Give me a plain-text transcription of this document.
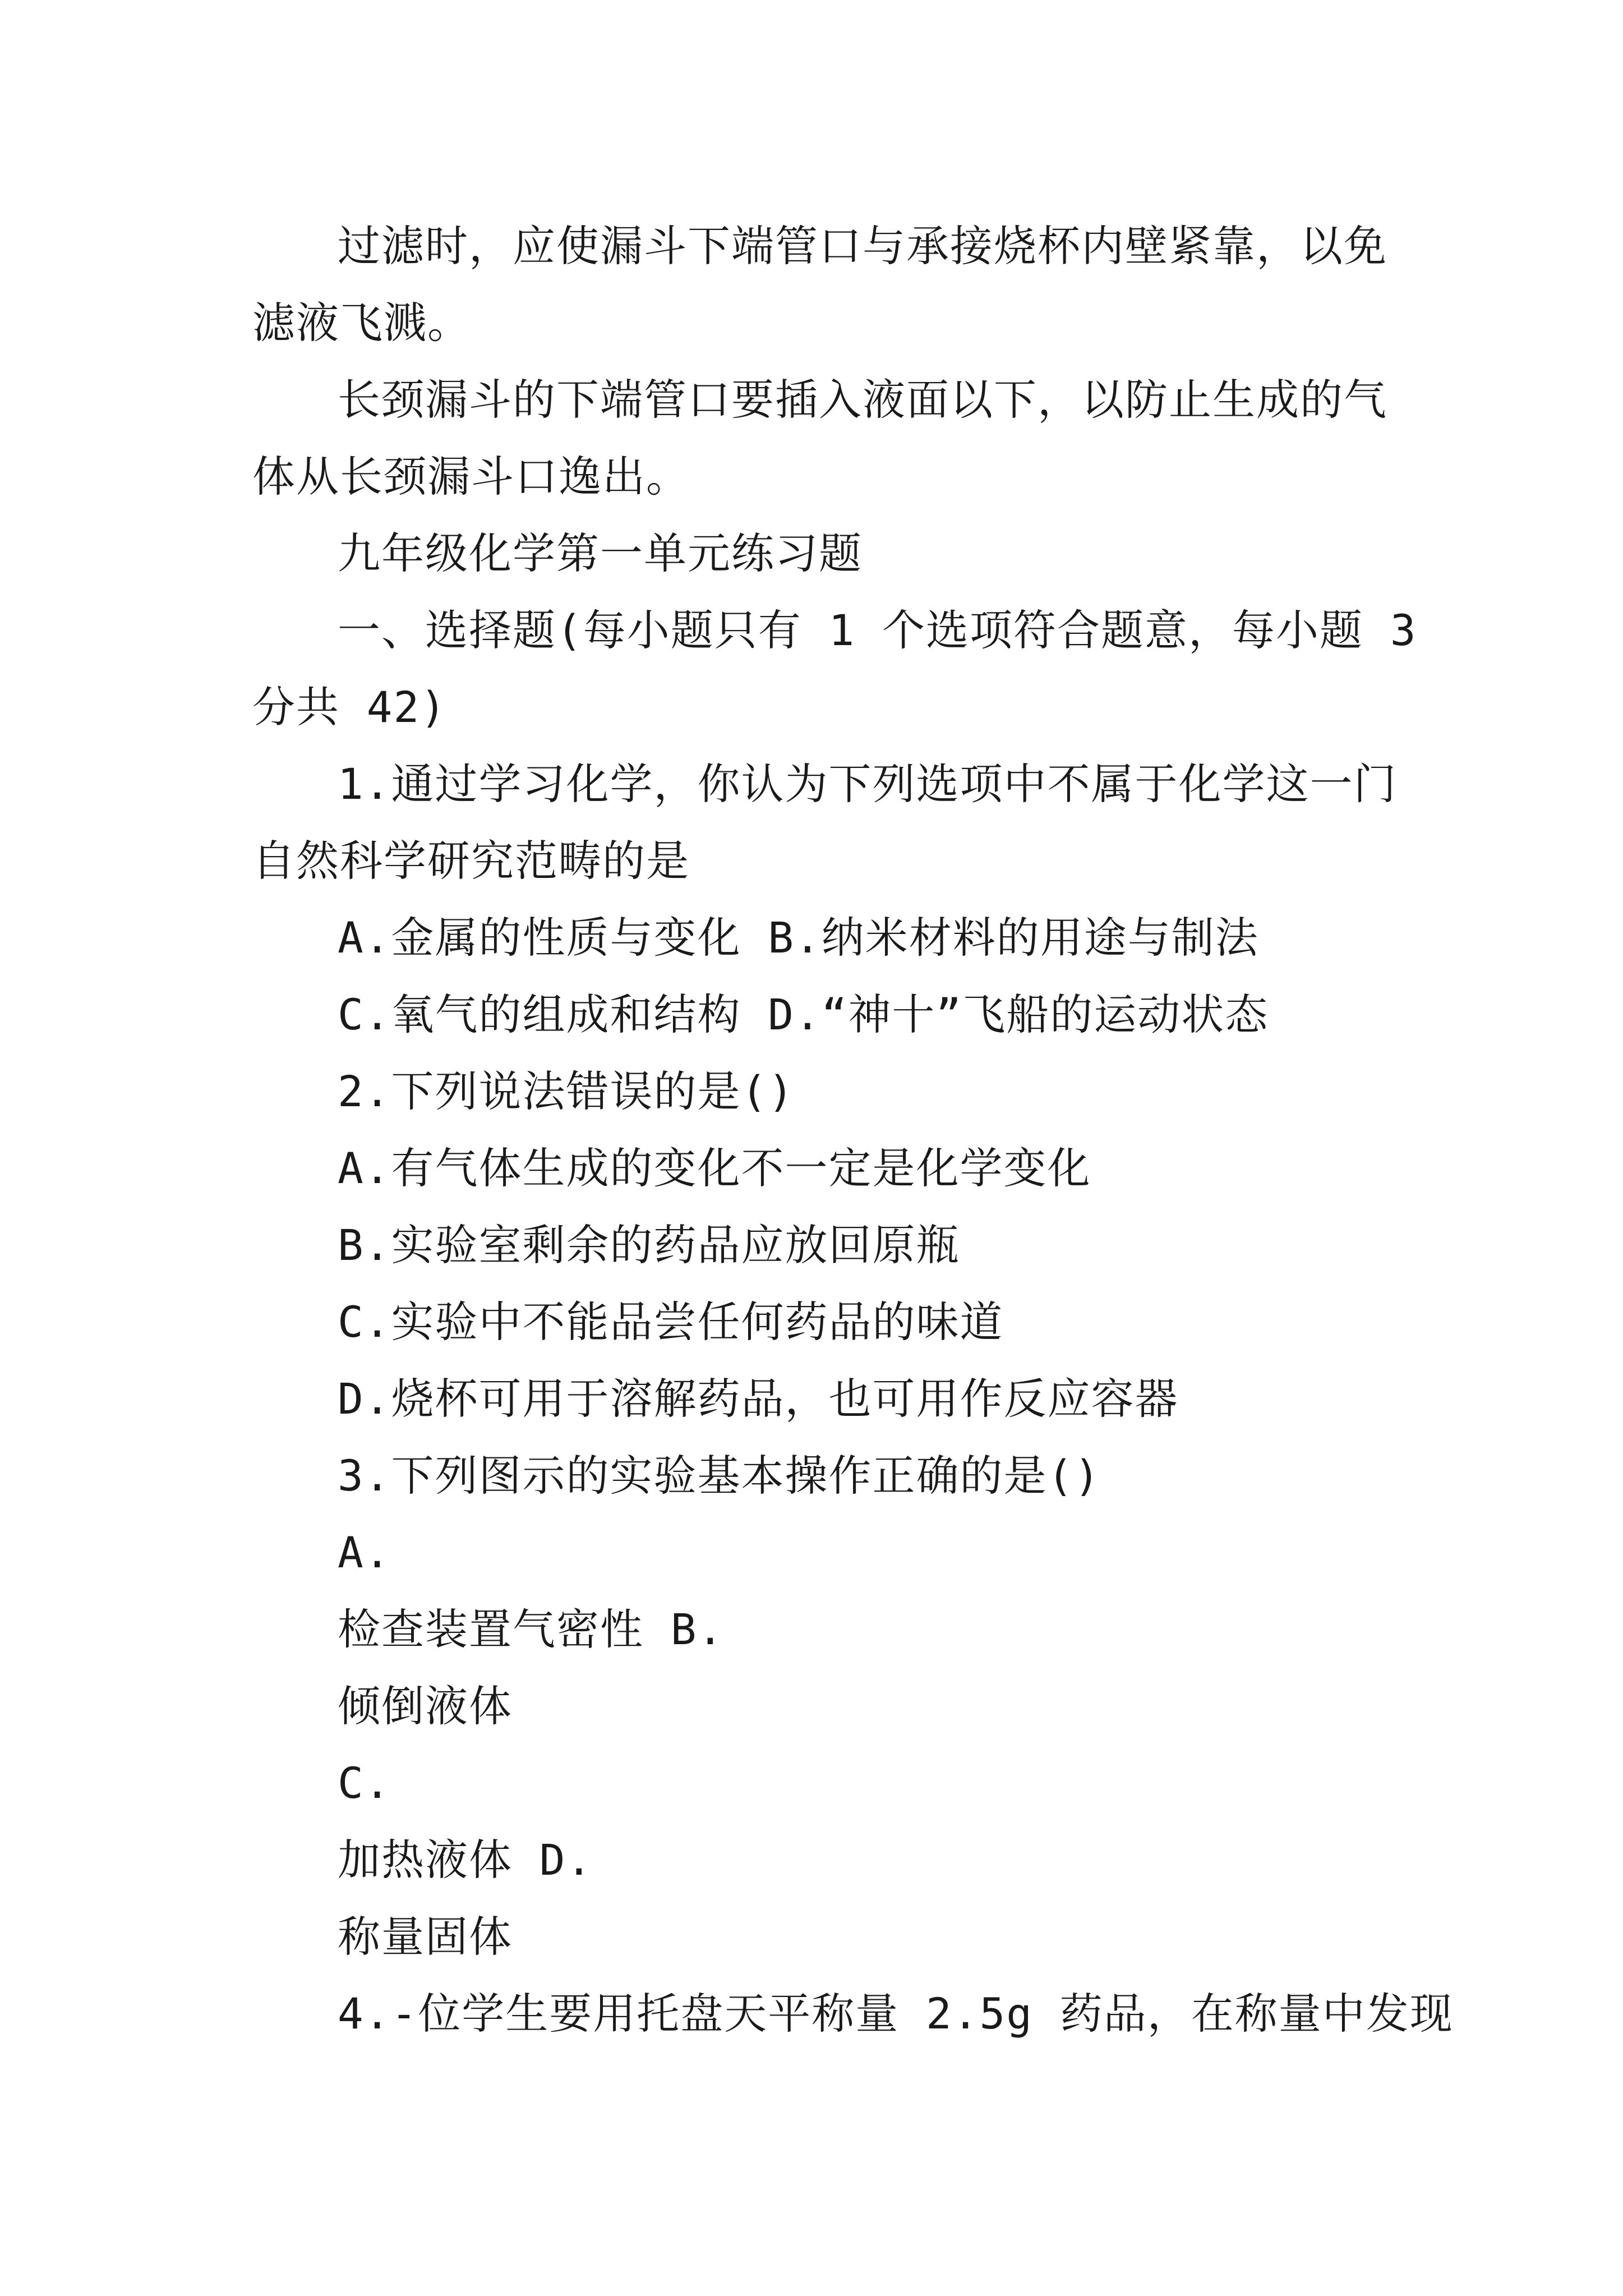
过滤时，应使漏斗下端管口与承接烧杯内壁紧靠，以免
滤液飞溅。
长颈漏斗的下端管口要插入液面以下，以防止生成的气
体从长颈漏斗口逸出。
九年级化学第一单元练习题
一、选择题(每小题只有 1 个选项符合题意，每小题 3
分共 42)
1.通过学习化学，你认为下列选项中不属于化学这一门
自然科学研究范畴的是
A.金属的性质与变化 B.纳米材料的用途与制法
C.氧气的组成和结构 D.“神十”飞船的运动状态
2.下列说法错误的是()
A.有气体生成的变化不一定是化学变化
B.实验室剩余的药品应放回原瓶
C.实验中不能品尝任何药品的味道
D.烧杯可用于溶解药品，也可用作反应容器
3.下列图示的实验基本操作正确的是()
A.
检查装置气密性 B.
倾倒液体
C.
加热液体 D.
称量固体
4.-位学生要用托盘天平称量 2.5g 药品，在称量中发现
